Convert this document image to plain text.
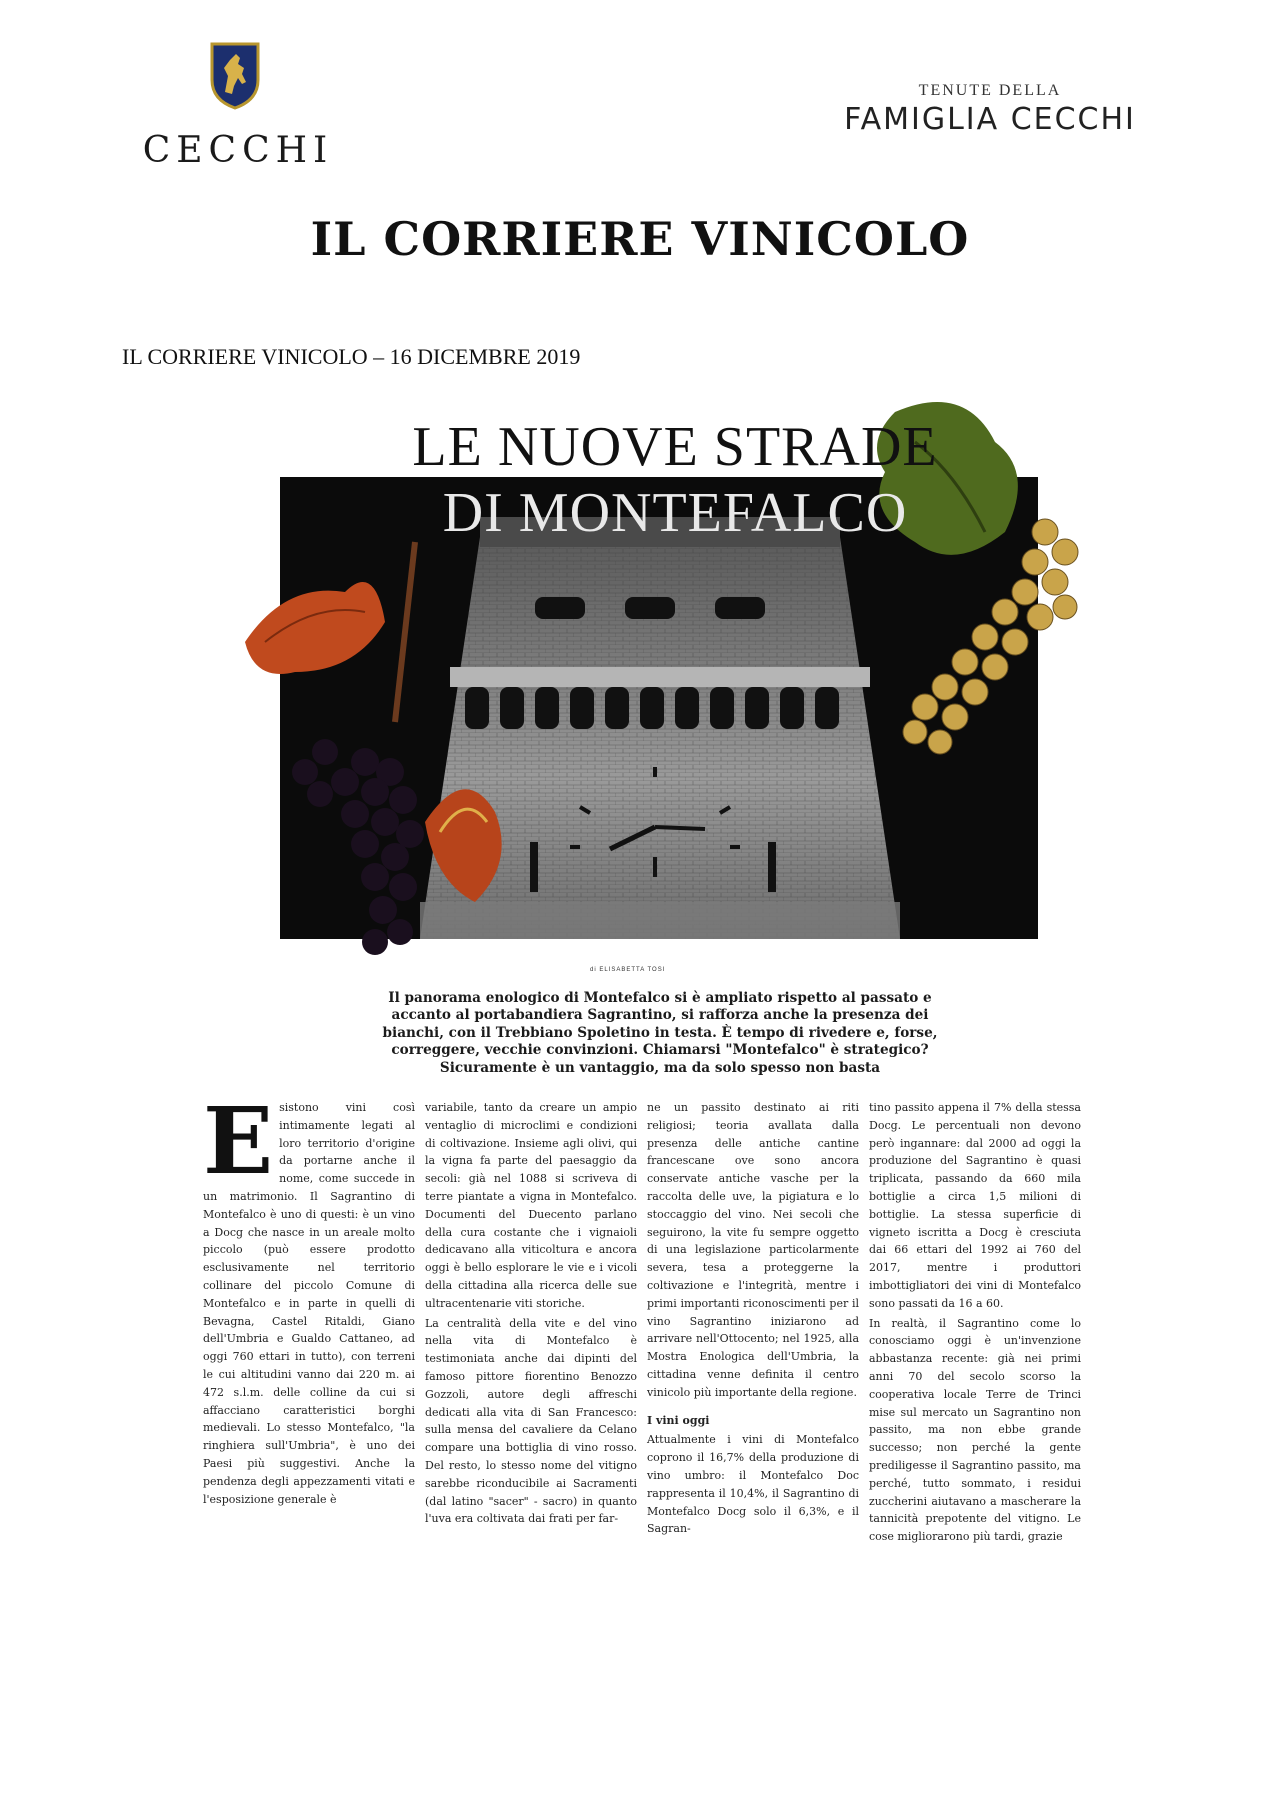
CECCHI
TENUTE DELLA
FAMIGLIA CECCHI
IL CORRIERE VINICOLO
IL CORRIERE VINICOLO – 16 DICEMBRE 2019
LE NUOVE STRADE
DI MONTEFALCO
di ELISABETTA TOSI
Il panorama enologico di Montefalco si è ampliato rispetto al passato e accanto al portabandiera Sagrantino, si rafforza anche la presenza dei bianchi, con il Trebbiano Spoletino in testa. È tempo di rivedere e, forse, correggere, vecchie convinzioni. Chiamarsi "Montefalco" è strategico? Sicuramente è un vantaggio, ma da solo spesso non basta
E sistono vini così intimamente legati al loro territorio d'origine da portarne anche il nome, come succede in un matrimonio. Il Sagrantino di Montefalco è uno di questi: è un vino a Docg che nasce in un areale molto piccolo (può essere prodotto esclusivamente nel territorio collinare del piccolo Comune di Montefalco e in parte in quelli di Bevagna, Castel Ritaldi, Giano dell'Umbria e Gualdo Cattaneo, ad oggi 760 ettari in tutto), con terreni le cui altitudini vanno dai 220 m. ai 472 s.l.m. delle colline da cui si affacciano caratteristici borghi medievali. Lo stesso Montefalco, "la ringhiera sull'Umbria", è uno dei Paesi più suggestivi. Anche la pendenza degli appezzamenti vitati e l'esposizione generale è

variabile, tanto da creare un ampio ventaglio di microclimi e condizioni di coltivazione. Insieme agli olivi, qui la vigna fa parte del paesaggio da secoli: già nel 1088 si scriveva di terre piantate a vigna in Montefalco. Documenti del Duecento parlano della cura costante che i vignaioli dedicavano alla viticoltura e ancora oggi è bello esplorare le vie e i vicoli della cittadina alla ricerca delle sue ultracentenarie viti storiche.

La centralità della vite e del vino nella vita di Montefalco è testimoniata anche dai dipinti del famoso pittore fiorentino Benozzo Gozzoli, autore degli affreschi dedicati alla vita di San Francesco: sulla mensa del cavaliere da Celano compare una bottiglia di vino rosso. Del resto, lo stesso nome del vitigno sarebbe riconducibile ai Sacramenti (dal latino "sacer" - sacro) in quanto l'uva era coltivata dai frati per far-

ne un passito destinato ai riti religiosi; teoria avallata dalla presenza delle antiche cantine francescane ove sono ancora conservate antiche vasche per la raccolta delle uve, la pigiatura e lo stoccaggio del vino. Nei secoli che seguirono, la vite fu sempre oggetto di una legislazione particolarmente severa, tesa a proteggerne la coltivazione e l'integrità, mentre i primi importanti riconoscimenti per il vino Sagrantino iniziarono ad arrivare nell'Ottocento; nel 1925, alla Mostra Enologica dell'Umbria, la cittadina venne definita il centro vinicolo più importante della regione.

I vini oggi

Attualmente i vini di Montefalco coprono il 16,7% della produzione di vino umbro: il Montefalco Doc rappresenta il 10,4%, il Sagrantino di Montefalco Docg solo il 6,3%, e il Sagran-

tino passito appena il 7% della stessa Docg. Le percentuali non devono però ingannare: dal 2000 ad oggi la produzione del Sagrantino è quasi triplicata, passando da 660 mila bottiglie a circa 1,5 milioni di bottiglie. La stessa superficie di vigneto iscritta a Docg è cresciuta dai 66 ettari del 1992 ai 760 del 2017, mentre i produttori imbottigliatori dei vini di Montefalco sono passati da 16 a 60.

In realtà, il Sagrantino come lo conosciamo oggi è un'invenzione abbastanza recente: già nei primi anni 70 del secolo scorso la cooperativa locale Terre de Trinci mise sul mercato un Sagrantino non passito, ma non ebbe grande successo; non perché la gente prediligesse il Sagrantino passito, ma perché, tutto sommato, i residui zuccherini aiutavano a mascherare la tannicità prepotente del vitigno. Le cose migliorarono più tardi, grazie
